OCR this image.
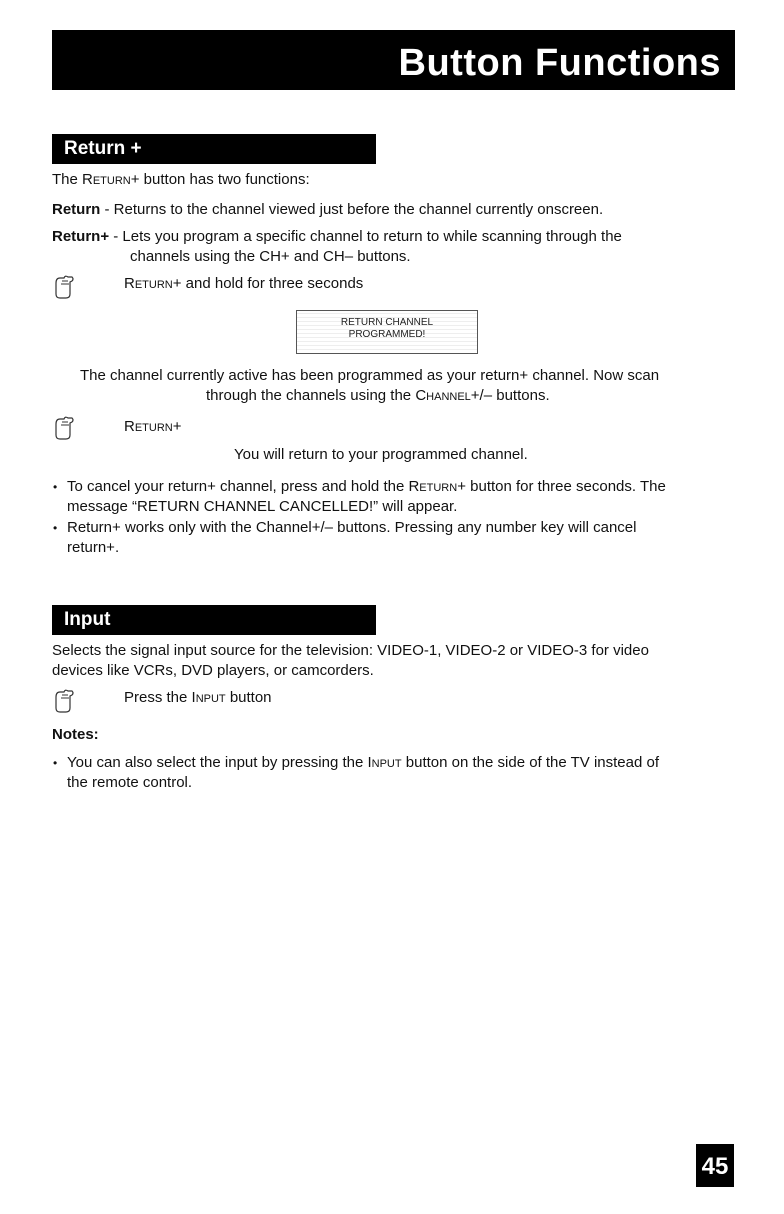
Button Functions
Return +
The Return+ button has two functions:
Return - Returns to the channel viewed just before the channel currently onscreen.
Return+ - Lets you program a specific channel to return to while scanning through the
channels using the CH+ and CH– buttons.
Return+ and hold for three seconds
RETURN CHANNEL
PROGRAMMED!
The channel currently active has been programmed as your return+ channel. Now scan
through the channels using the Channel+/– buttons.
Return+
You will return to your programmed channel.
• To cancel your return+ channel, press and hold the Return+ button for three seconds. The
message “RETURN CHANNEL CANCELLED!” will appear.
• Return+ works only with the Channel+/– buttons. Pressing any number key will cancel
return+.
Input
Selects the signal input source for the television: VIDEO-1, VIDEO-2 or VIDEO-3 for video
devices like VCRs, DVD players, or camcorders.
Press the Input button
Notes:
• You can also select the input by pressing the Input button on the side of the TV instead of
the remote control.
45
